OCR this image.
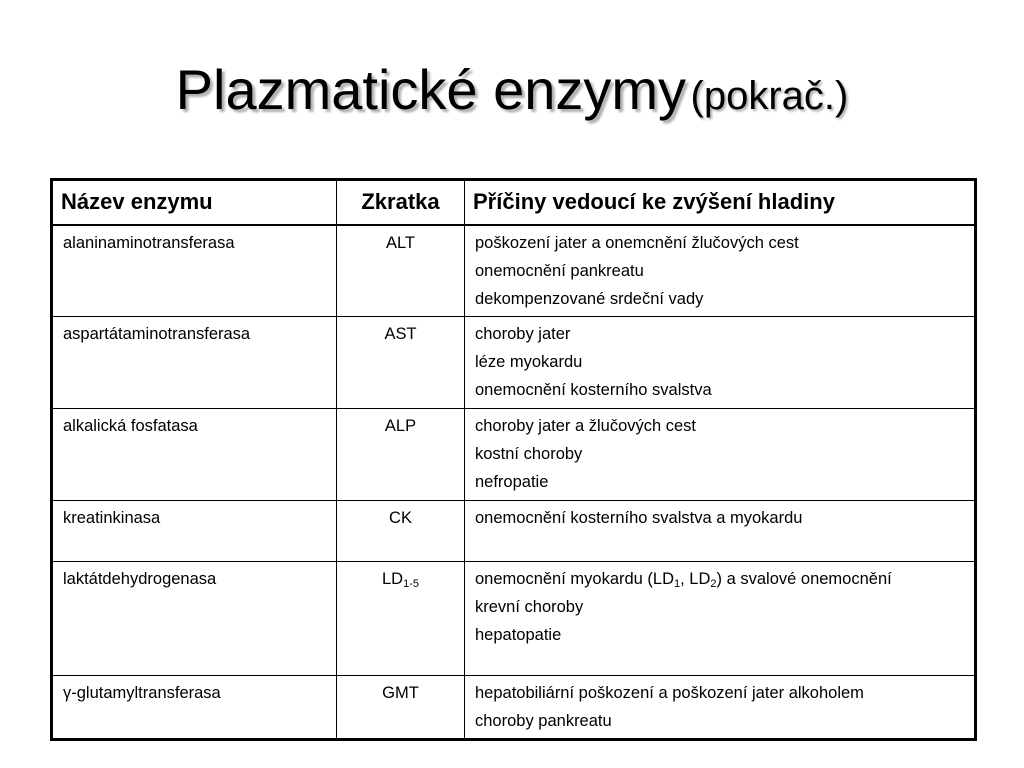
Plazmatické enzymy (pokrač.)
Název enzymu	Zkratka	Příčiny vedoucí ke zvýšení hladiny
alaninaminotransferasa	ALT	poškození jater a onemcnění žlučových cest
onemocnění pankreatu
dekompenzované srdeční vady

aspartátaminotransferasa	AST	choroby jater
léze myokardu
onemocnění kosterního svalstva

alkalická fosfatasa	ALP	choroby jater a žlučových cest
kostní choroby
nefropatie

kreatinkinasa	CK	onemocnění kosterního svalstva a myokardu

laktátdehydrogenasa	$LD_{1-5}$	onemocnění myokardu ($LD_1$, $LD_2$) a svalové onemocnění
krevní choroby
hepatopatie

γ-glutamyltransferasa	GMT	hepatobiliární poškození a poškození jater alkoholem
choroby pankreatu
